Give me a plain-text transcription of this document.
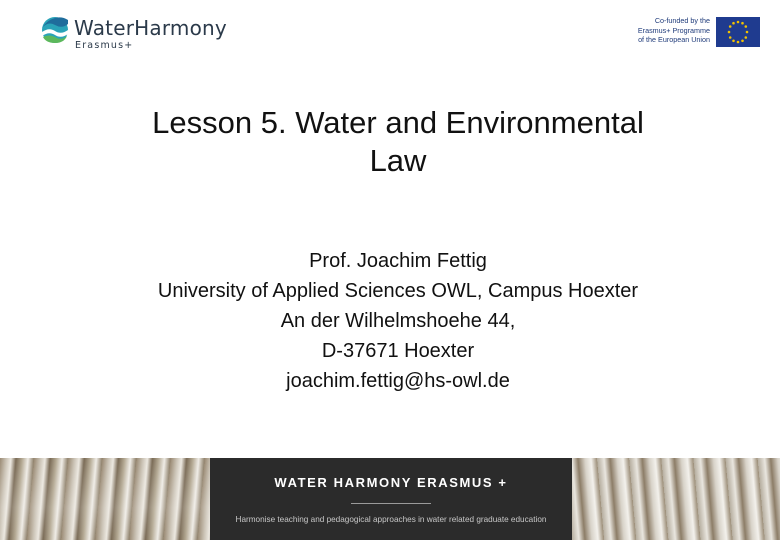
WaterHarmony
Erasmus+
Co-funded by the
Erasmus+ Programme
of the European Union
Lesson 5. Water and Environmental
Law
Prof. Joachim Fettig
University of Applied Sciences OWL, Campus Hoexter
An der Wilhelmshoehe 44,
D-37671 Hoexter
joachim.fettig@hs-owl.de
WATER HARMONY ERASMUS +
Harmonise teaching and pedagogical approaches in water related graduate education
